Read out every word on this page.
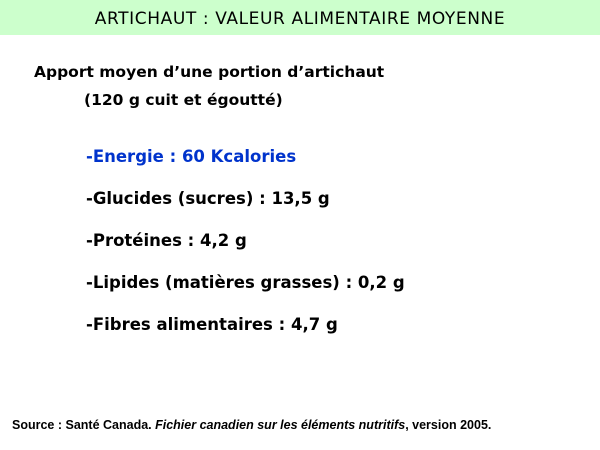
ARTICHAUT : VALEUR ALIMENTAIRE MOYENNE
Apport moyen d’une portion d’artichaut
(120 g cuit et égoutté)
-Energie : 60 Kcalories
-Glucides (sucres) : 13,5 g
-Protéines : 4,2 g
-Lipides (matières grasses) : 0,2 g
-Fibres alimentaires : 4,7 g
Source : Santé Canada. Fichier canadien sur les éléments nutritifs, version 2005.
